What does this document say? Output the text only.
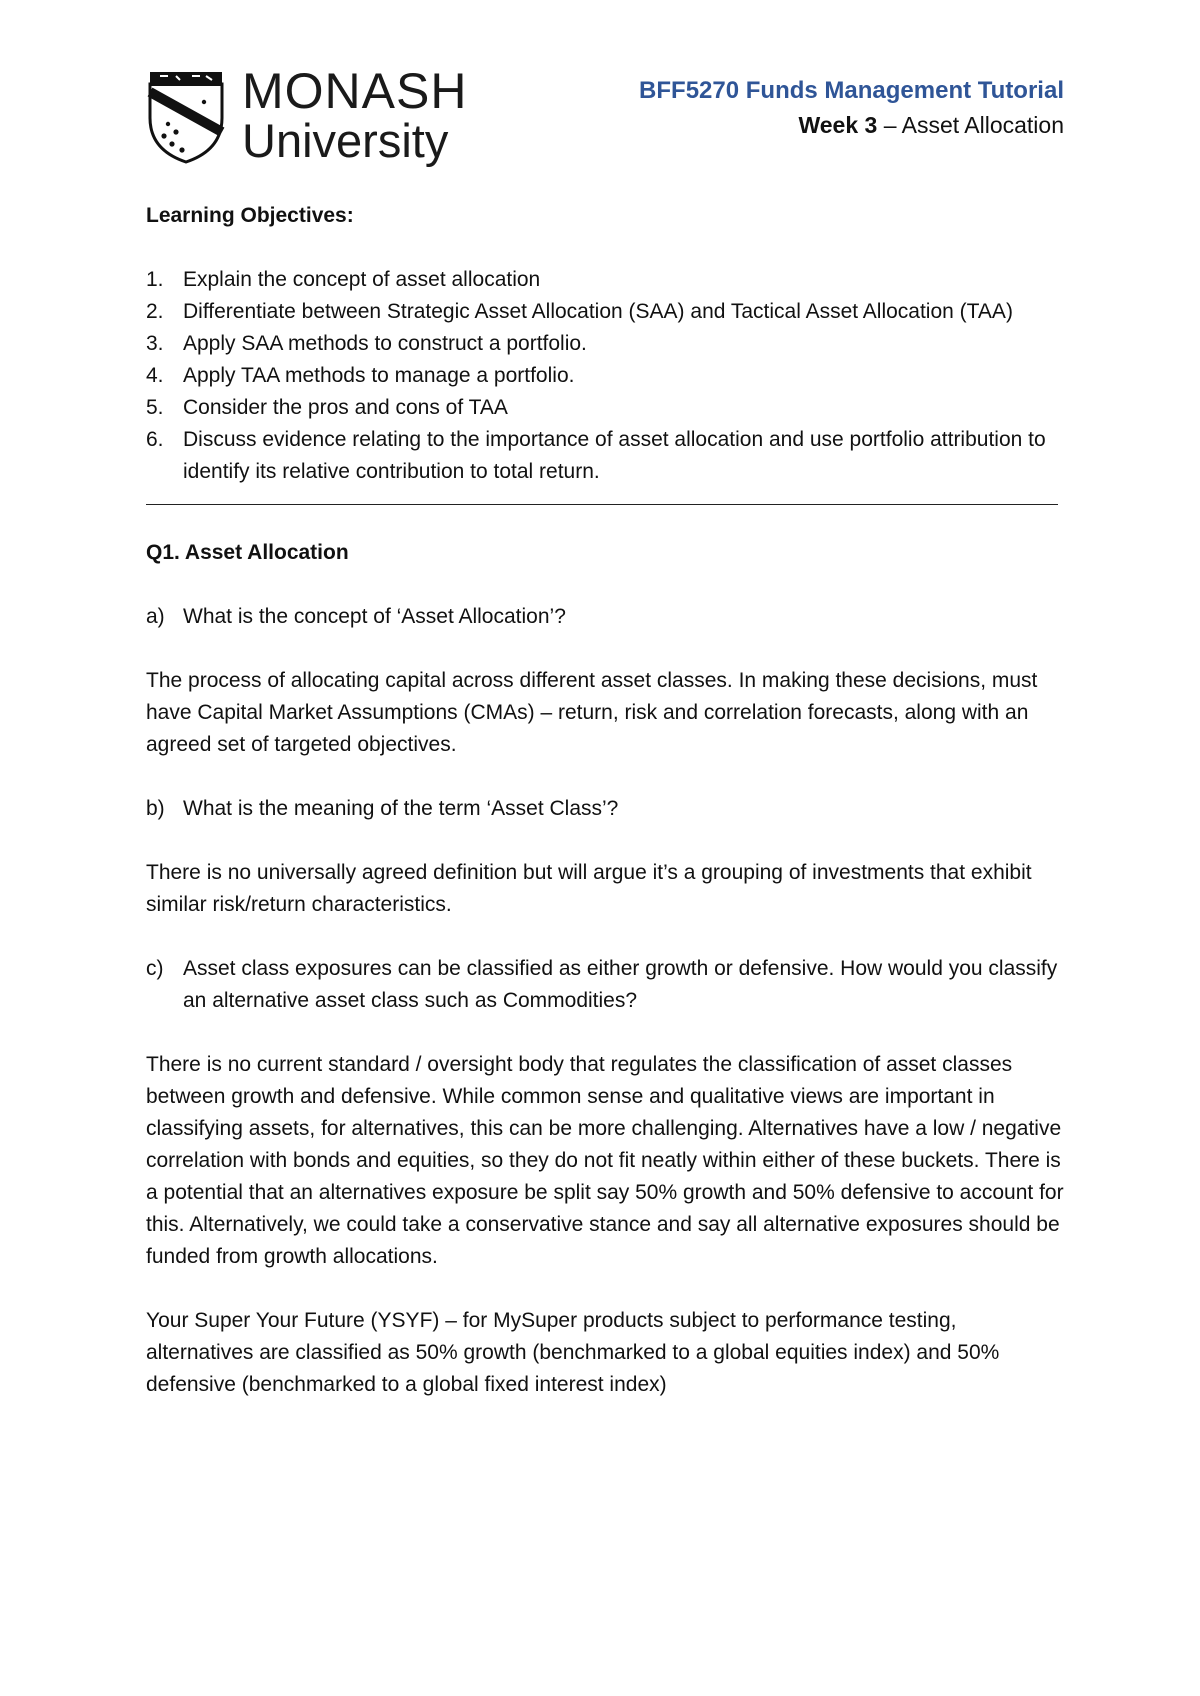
MONASH
University
BFF5270 Funds Management Tutorial
Week 3 – Asset Allocation

Learning Objectives:

1. Explain the concept of asset allocation
2. Differentiate between Strategic Asset Allocation (SAA) and Tactical Asset Allocation (TAA)
3. Apply SAA methods to construct a portfolio.
4. Apply TAA methods to manage a portfolio.
5. Consider the pros and cons of TAA
6. Discuss evidence relating to the importance of asset allocation and use portfolio attribution to identify its relative contribution to total return.

Q1. Asset Allocation

a) What is the concept of ‘Asset Allocation’?

The process of allocating capital across different asset classes. In making these decisions, must have Capital Market Assumptions (CMAs) – return, risk and correlation forecasts, along with an agreed set of targeted objectives.

b) What is the meaning of the term ‘Asset Class’?

There is no universally agreed definition but will argue it’s a grouping of investments that exhibit similar risk/return characteristics.

c) Asset class exposures can be classified as either growth or defensive. How would you classify an alternative asset class such as Commodities?

There is no current standard / oversight body that regulates the classification of asset classes between growth and defensive. While common sense and qualitative views are important in classifying assets, for alternatives, this can be more challenging. Alternatives have a low / negative correlation with bonds and equities, so they do not fit neatly within either of these buckets. There is a potential that an alternatives exposure be split say 50% growth and 50% defensive to account for this. Alternatively, we could take a conservative stance and say all alternative exposures should be funded from growth allocations.

Your Super Your Future (YSYF) – for MySuper products subject to performance testing, alternatives are classified as 50% growth (benchmarked to a global equities index) and 50% defensive (benchmarked to a global fixed interest index)
